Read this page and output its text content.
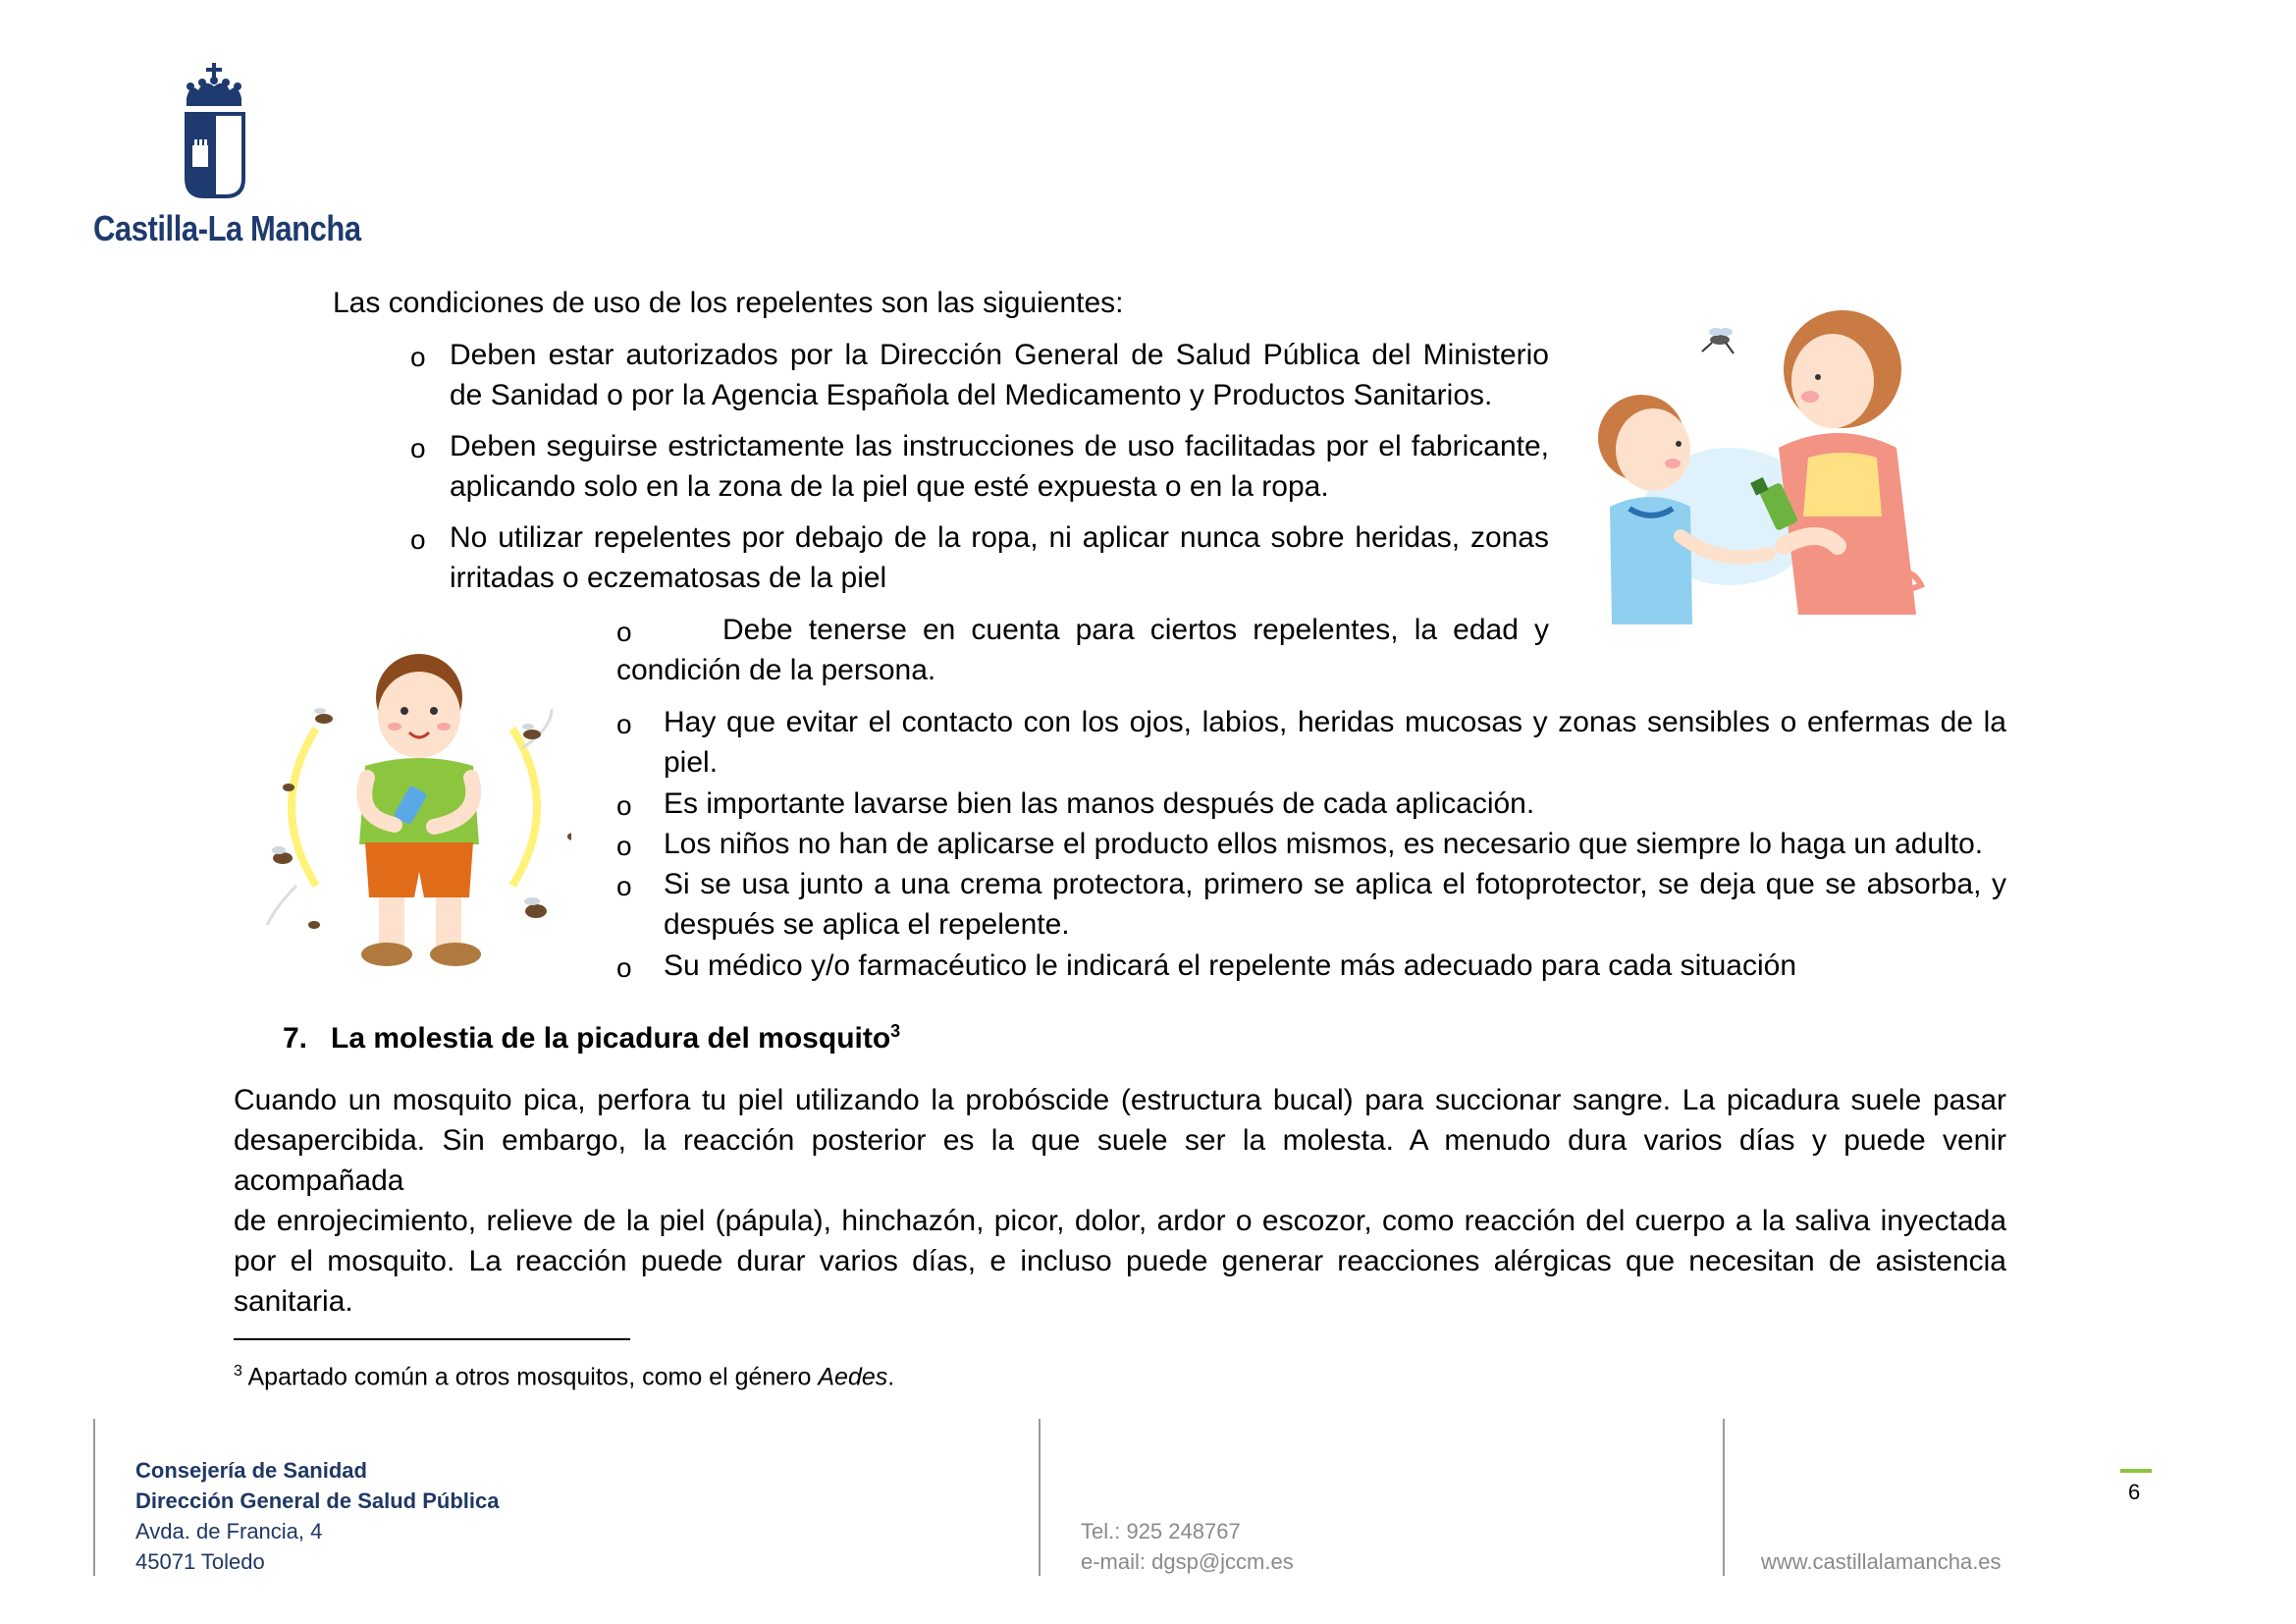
Castilla-La Mancha
Las condiciones de uso de los repelentes son las siguientes:
o Deben estar autorizados por la Dirección General de Salud Pública del Ministerio
de Sanidad o por la Agencia Española del Medicamento y Productos Sanitarios.
o Deben seguirse estrictamente las instrucciones de uso facilitadas por el fabricante,
aplicando solo en la zona de la piel que esté expuesta o en la ropa.
o No utilizar repelentes por debajo de la ropa, ni aplicar nunca sobre heridas, zonas
irritadas o eczematosas de la piel
o	Debe tenerse en cuenta para ciertos repelentes, la edad y
condición de la persona.
o Hay que evitar el contacto con los ojos, labios, heridas mucosas y zonas sensibles o enfermas de la
piel.
o Es importante lavarse bien las manos después de cada aplicación.
o Los niños no han de aplicarse el producto ellos mismos, es necesario que siempre lo haga un adulto.
o Si se usa junto a una crema protectora, primero se aplica el fotoprotector, se deja que se absorba, y
después se aplica el repelente.
o Su médico y/o farmacéutico le indicará el repelente más adecuado para cada situación
7. La molestia de la picadura del mosquito$^3$
Cuando un mosquito pica, perfora tu piel utilizando la probóscide (estructura bucal) para succionar sangre. La picadura suele pasar
desapercibida. Sin embargo, la reacción posterior es la que suele ser la molesta. A menudo dura varios días y puede venir acompañada
de enrojecimiento, relieve de la piel (pápula), hinchazón, picor, dolor, ardor o escozor, como reacción del cuerpo a la saliva inyectada
por el mosquito. La reacción puede durar varios días, e incluso puede generar reacciones alérgicas que necesitan de asistencia
sanitaria.
$^3$ Apartado común a otros mosquitos, como el género Aedes.
Consejería de Sanidad
Dirección General de Salud Pública
Avda. de Francia, 4
45071 Toledo
Tel.: 925 248767
e-mail: dgsp@jccm.es	www.castillalamancha.es
6
